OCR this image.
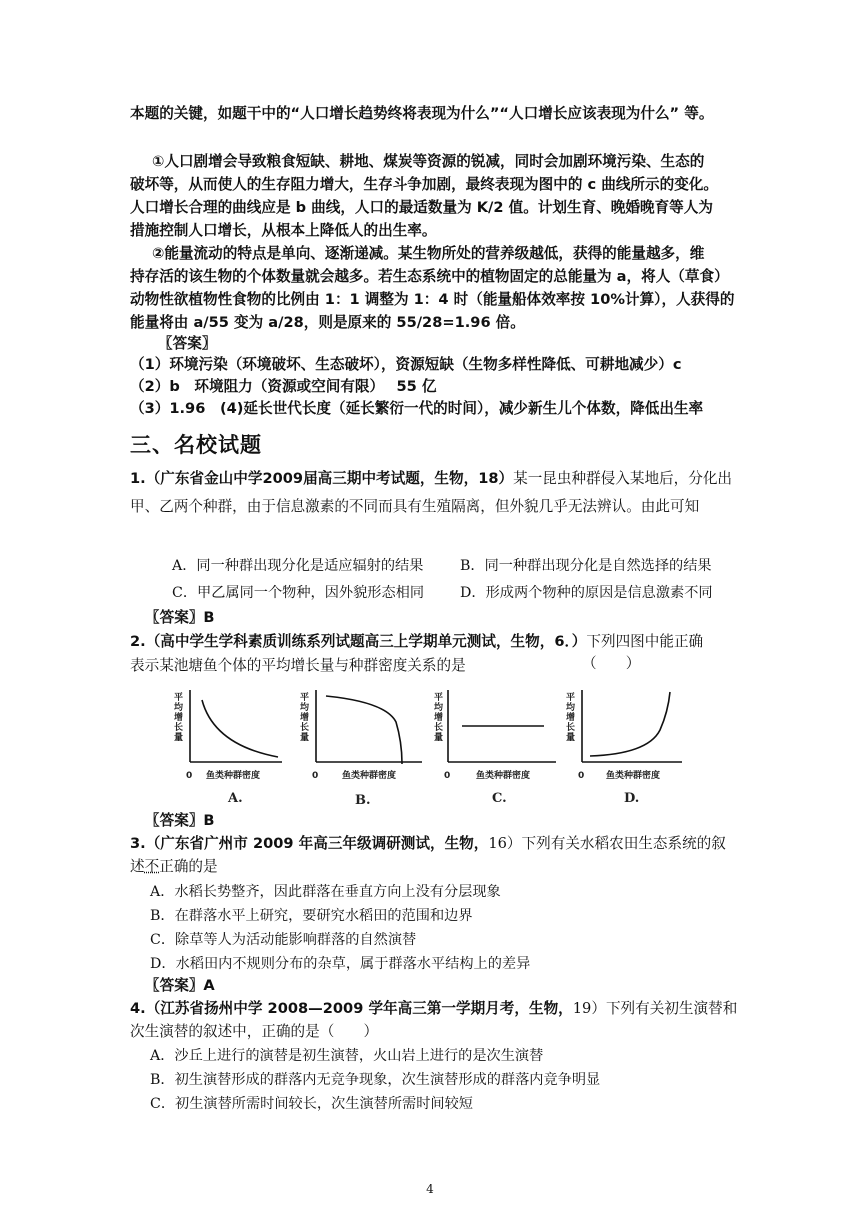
本题的关键，如题干中的“人口增长趋势终将表现为什么”“人口增长应该表现为什么” 等。
①人口剧增会导致粮食短缺、耕地、煤炭等资源的锐减，同时会加剧环境污染、生态的
破坏等，从而使人的生存阻力增大，生存斗争加剧，最终表现为图中的 c 曲线所示的变化。
人口增长合理的曲线应是 b 曲线，人口的最适数量为 K/2 值。计划生育、晚婚晚育等人为
措施控制人口增长，从根本上降低人的出生率。
②能量流动的特点是单向、逐渐递减。某生物所处的营养级越低，获得的能量越多，维
持存活的该生物的个体数量就会越多。若生态系统中的植物固定的总能量为 a，将人（草食）
动物性欲植物性食物的比例由 1：1 调整为 1：4 时（能量船体效率按 10%计算），人获得的
能量将由 a/55 变为 a/28，则是原来的 55/28=1.96 倍。
〖答案〗
（1）环境污染（环境破坏、生态破坏），资源短缺（生物多样性降低、可耕地减少）c
（2）b　环境阻力（资源或空间有限）　 55 亿
（3）1.96　(4)延长世代长度（延长繁衍一代的时间），减少新生儿个体数，降低出生率
三、名校试题
1.（广东省金山中学2009届高三期中考试题，生物，18）某一昆虫种群侵入某地后，分化出
甲、乙两个种群，由于信息激素的不同而具有生殖隔离，但外貌几乎无法辨认。由此可知
A．同一种群出现分化是适应辐射的结果	B．同一种群出现分化是自然选择的结果
C．甲乙属同一个物种，因外貌形态相同	D．形成两个物种的原因是信息激素不同
〖答案〗B
2.（高中学生学科素质训练系列试题高三上学期单元测试，生物，6．）下列四图中能正确
表示某池塘鱼个体的平均增长量与种群密度关系的是	（　　）
平
均
增
长
量
0 鱼类种群密度
A.
平
均
增
长
量
0	鱼类种群密度
B.
平
均
增
长
量
0	鱼类种群密度
C.
平
均
增
长
量
0 鱼类种群密度
D.
〖答案〗B
3.（广东省广州市 2009 年高三年级调研测试，生物，16）下列有关水稻农田生态系统的叙
述不正确的是
A．水稻长势整齐，因此群落在垂直方向上没有分层现象
B．在群落水平上研究，要研究水稻田的范围和边界
C．除草等人为活动能影响群落的自然演替
D．水稻田内不规则分布的杂草，属于群落水平结构上的差异
〖答案〗A
4.（江苏省扬州中学 2008—2009 学年高三第一学期月考，生物，19）下列有关初生演替和
次生演替的叙述中，正确的是（　　）
A．沙丘上进行的演替是初生演替，火山岩上进行的是次生演替
B．初生演替形成的群落内无竞争现象，次生演替形成的群落内竞争明显
C．初生演替所需时间较长，次生演替所需时间较短
4
